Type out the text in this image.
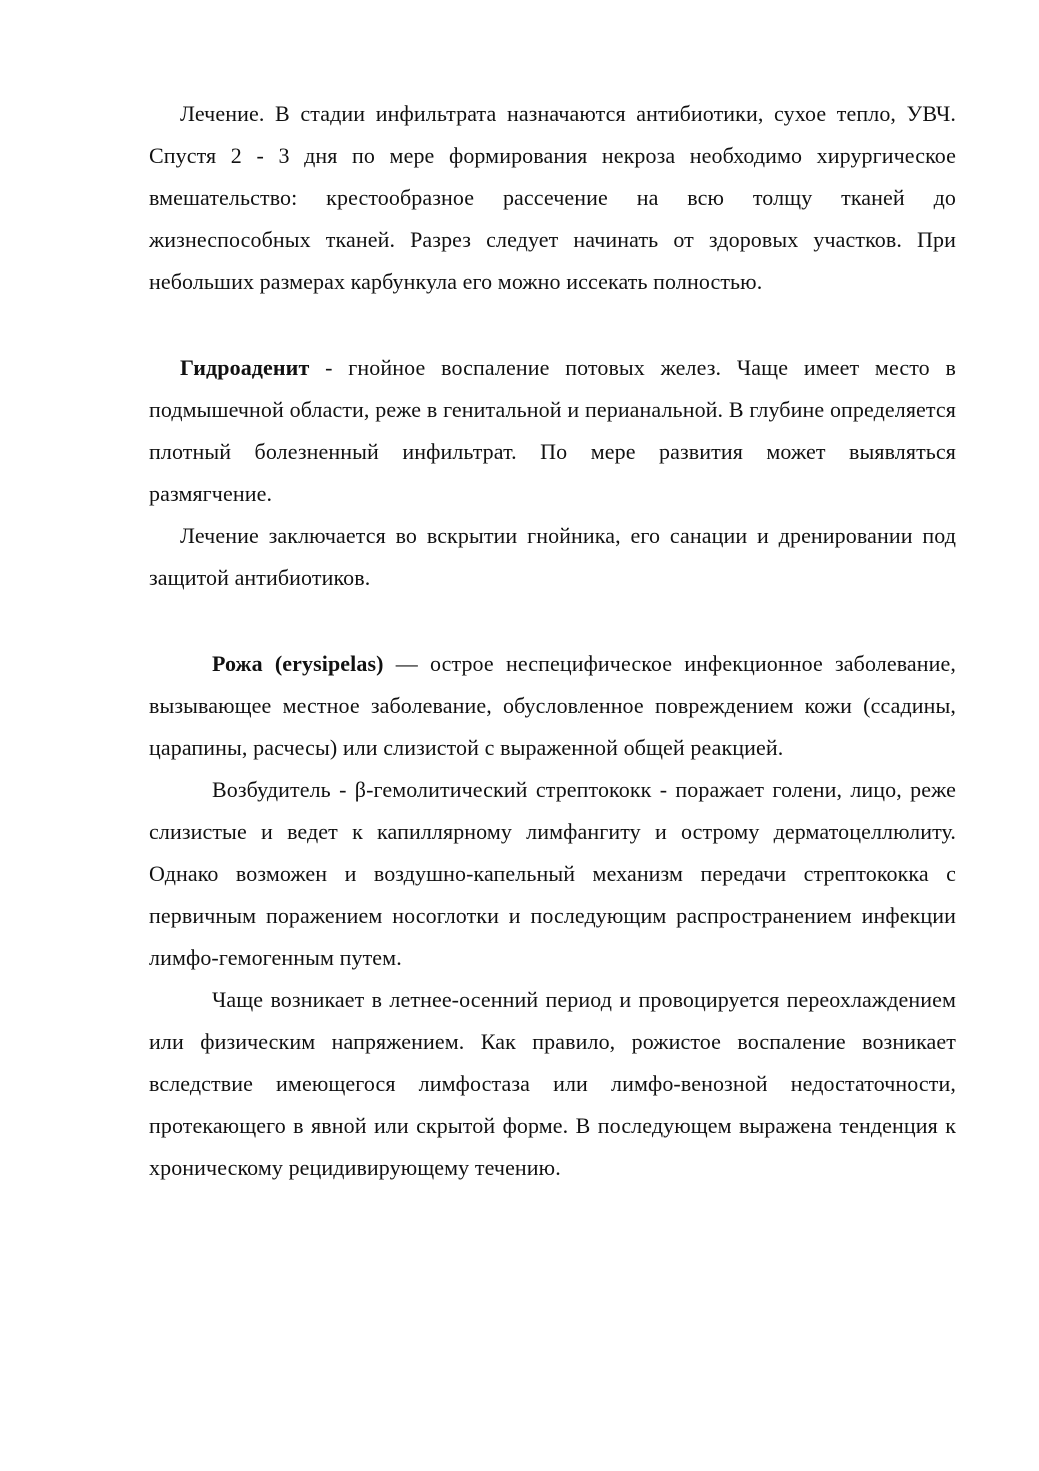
Лечение. В стадии инфильтрата назначаются антибиотики, сухое тепло, УВЧ. Спустя 2 - 3 дня по мере формирования некроза необходимо хирургическое вмешательство: крестообразное рассечение на всю толщу тканей до жизнеспособных тканей. Разрез следует начинать от здоровых участков. При небольших размерах карбункула его можно иссекать полностью.

Гидроаденит - гнойное воспаление потовых желез. Чаще имеет место в подмышечной области, реже в генитальной и перианальной. В глубине определяется плотный болезненный инфильтрат. По мере развития может выявляться размягчение.

Лечение заключается во вскрытии гнойника, его санации и дренировании под защитой антибиотиков.

Рожа (erysipelas) — острое неспецифическое инфекционное заболевание, вызывающее местное заболевание, обусловленное повреждением кожи (ссадины, царапины, расчесы) или слизистой с выраженной общей реакцией.

Возбудитель - β-гемолитический стрептококк - поражает голени, лицо, реже слизистые и ведет к капиллярному лимфангиту и острому дерматоцеллюлиту. Однако возможен и воздушно-капельный механизм передачи стрептококка с первичным поражением носоглотки и последующим распространением инфекции лимфо-гемогенным путем.

Чаще возникает в летнее-осенний период и провоцируется переохлаждением или физическим напряжением. Как правило, рожистое воспаление возникает вследствие имеющегося лимфостаза или лимфо-венозной недостаточности, протекающего в явной или скрытой форме. В последующем выражена тенденция к хроническому рецидивирующему течению.
